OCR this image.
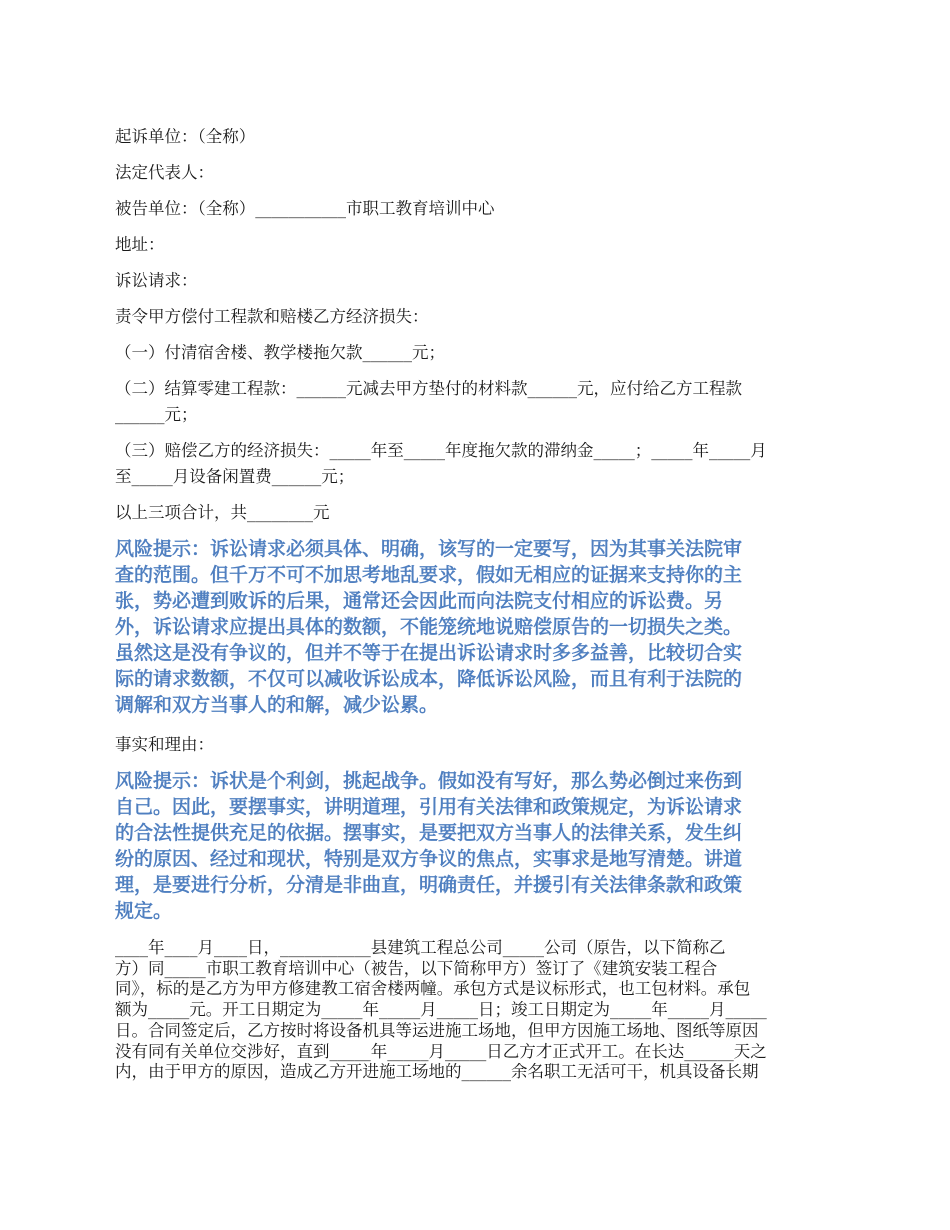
起诉单位：（全称）
法定代表人：
被告单位：（全称）___________市职工教育培训中心
地址：
诉讼请求：
责令甲方偿付工程款和赔楼乙方经济损失：
（一）付清宿舍楼、教学楼拖欠款______元；
（二）结算零建工程款：______元减去甲方垫付的材料款______元，应付给乙方工程款
______元；
（三）赔偿乙方的经济损失：_____年至_____年度拖欠款的滞纳金_____；_____年_____月
至_____月设备闲置费______元；
以上三项合计，共________元
风险提示：诉讼请求必须具体、明确，该写的一定要写，因为其事关法院审
查的范围。但千万不可不加思考地乱要求，假如无相应的证据来支持你的主
张，势必遭到败诉的后果，通常还会因此而向法院支付相应的诉讼费。另
外，诉讼请求应提出具体的数额，不能笼统地说赔偿原告的一切损失之类。
虽然这是没有争议的，但并不等于在提出诉讼请求时多多益善，比较切合实
际的请求数额，不仅可以减收诉讼成本，降低诉讼风险，而且有利于法院的
调解和双方当事人的和解，减少讼累。
事实和理由：
风险提示：诉状是个利剑，挑起战争。假如没有写好，那么势必倒过来伤到
自己。因此，要摆事实，讲明道理，引用有关法律和政策规定，为诉讼请求
的合法性提供充足的依据。摆事实，是要把双方当事人的法律关系，发生纠
纷的原因、经过和现状，特别是双方争议的焦点，实事求是地写清楚。讲道
理，是要进行分析，分清是非曲直，明确责任，并援引有关法律条款和政策
规定。
____年____月____日，___________县建筑工程总公司_____公司（原告，以下简称乙
方）同_____市职工教育培训中心（被告，以下简称甲方）签订了《建筑安装工程合
同》，标的是乙方为甲方修建教工宿舍楼两幢。承包方式是议标形式，也工包材料。承包
额为_____元。开工日期定为_____年_____月_____日；竣工日期定为_____年_____月_____
日。合同签定后，乙方按时将设备机具等运进施工场地，但甲方因施工场地、图纸等原因
没有同有关单位交涉好，直到_____年_____月_____日乙方才正式开工。在长达______天之
内，由于甲方的原因，造成乙方开进施工场地的______余名职工无活可干，机具设备长期
